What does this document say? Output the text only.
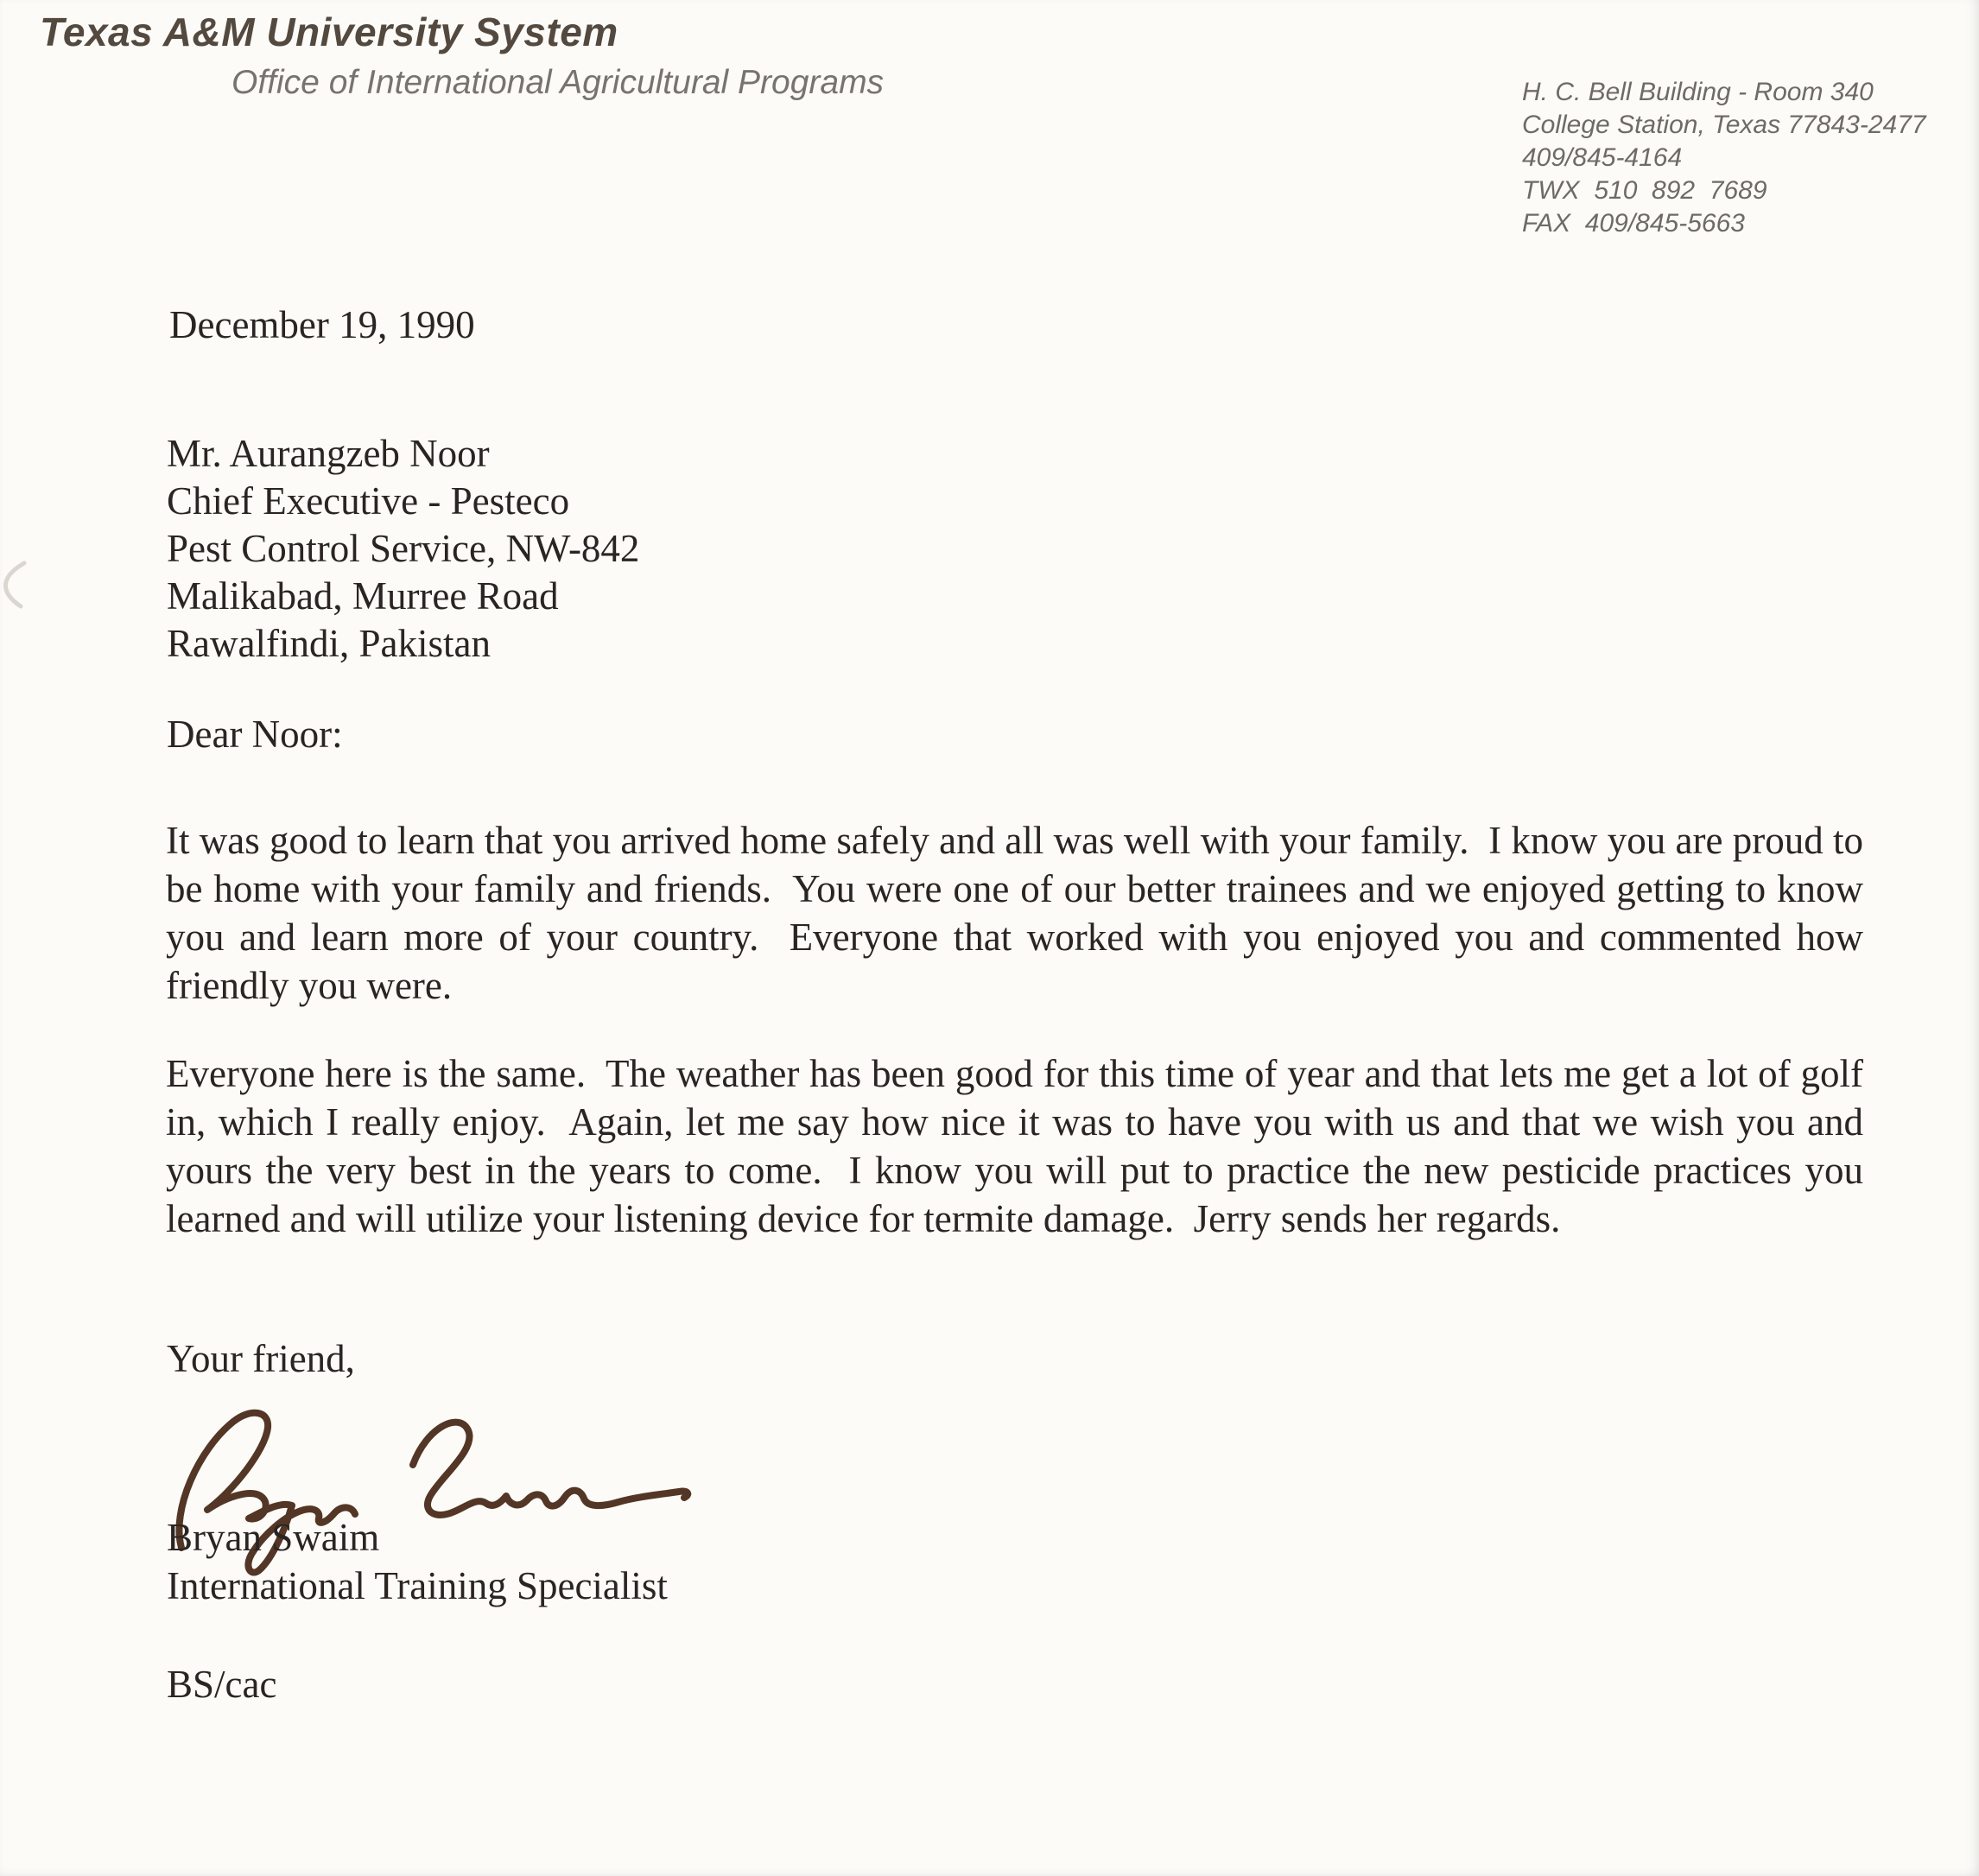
Texas A&M University System
Office of International Agricultural Programs	H. C. Bell Building - Room 340
College Station, Texas 77843-2477
409/845-4164
TWX  510  892  7689
FAX  409/845-5663
December 19, 1990
Mr. Aurangzeb Noor
Chief Executive - Pesteco
Pest Control Service, NW-842
Malikabad, Murree Road
Rawalfindi, Pakistan
Dear Noor:
It was good to learn that you arrived home safely and all was well with your family.  I know you are proud to be home with your family and friends.  You were one of our better trainees and we enjoyed getting to know you and learn more of your country.  Everyone that worked with you enjoyed you and commented how friendly you were.
Everyone here is the same.  The weather has been good for this time of year and that lets me get a lot of golf in, which I really enjoy.  Again, let me say how nice it was to have you with us and that we wish you and yours the very best in the years to come.  I know you will put to practice the new pesticide practices you learned and will utilize your listening device for termite damage.  Jerry sends her regards.
Your friend,
Bryan Swaim
International Training Specialist
BS/cac
